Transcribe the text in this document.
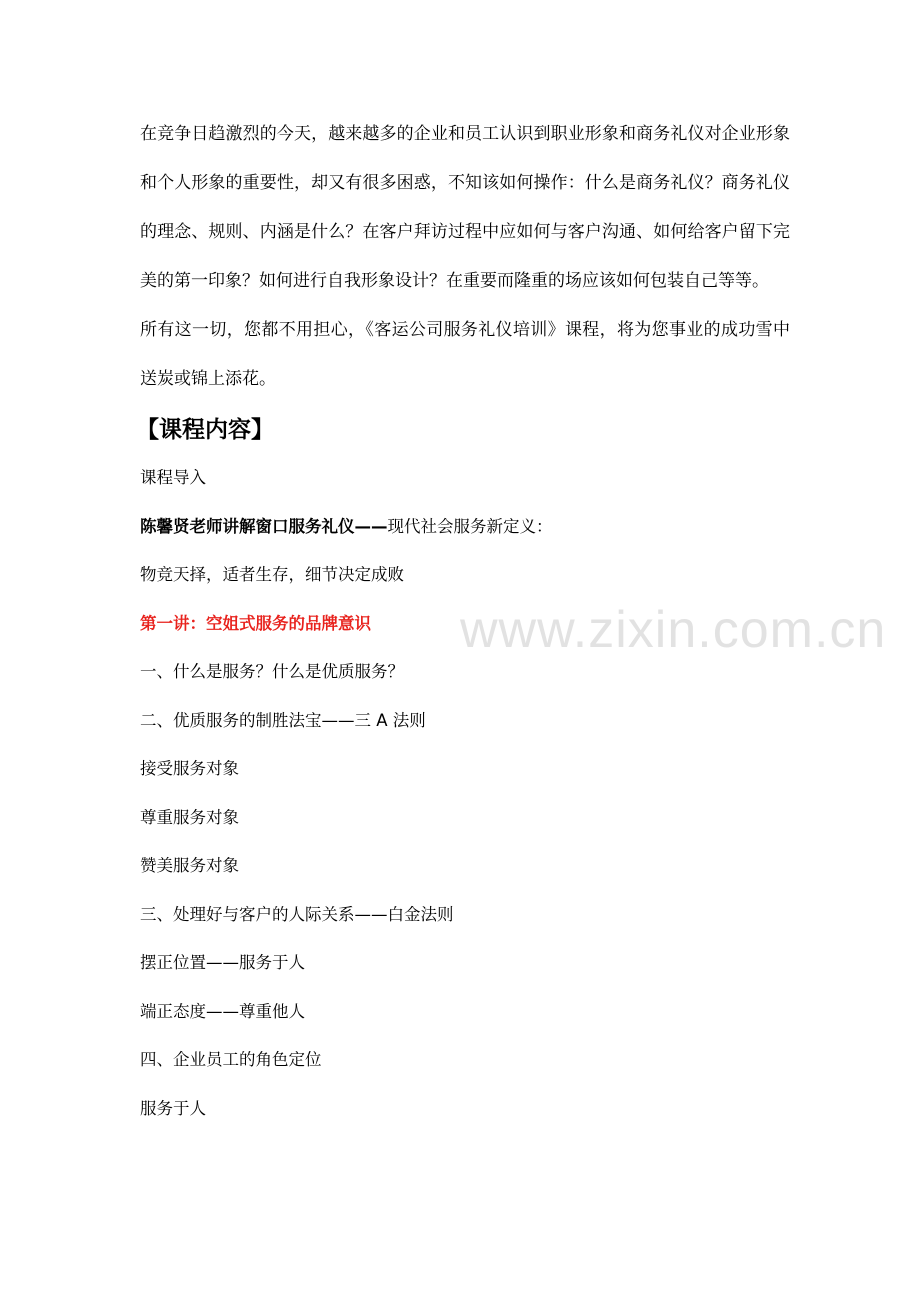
在竞争日趋激烈的今天，越来越多的企业和员工认识到职业形象和商务礼仪对企业形象和个人形象的重要性，却又有很多困惑，不知该如何操作：什么是商务礼仪？商务礼仪的理念、规则、内涵是什么？在客户拜访过程中应如何与客户沟通、如何给客户留下完美的第一印象？如何进行自我形象设计？在重要而隆重的场应该如何包装自己等等。

所有这一切，您都不用担心，《客运公司服务礼仪培训》课程，将为您事业的成功雪中送炭或锦上添花。

【课程内容】

课程导入

陈馨贤老师讲解窗口服务礼仪——现代社会服务新定义：

物竞天择，适者生存，细节决定成败

第一讲：空姐式服务的品牌意识

一、什么是服务？什么是优质服务？

二、优质服务的制胜法宝——三 A 法则

接受服务对象

尊重服务对象

赞美服务对象

三、处理好与客户的人际关系——白金法则

摆正位置——服务于人

端正态度——尊重他人

四、企业员工的角色定位

服务于人

www.zixin.com.cn
